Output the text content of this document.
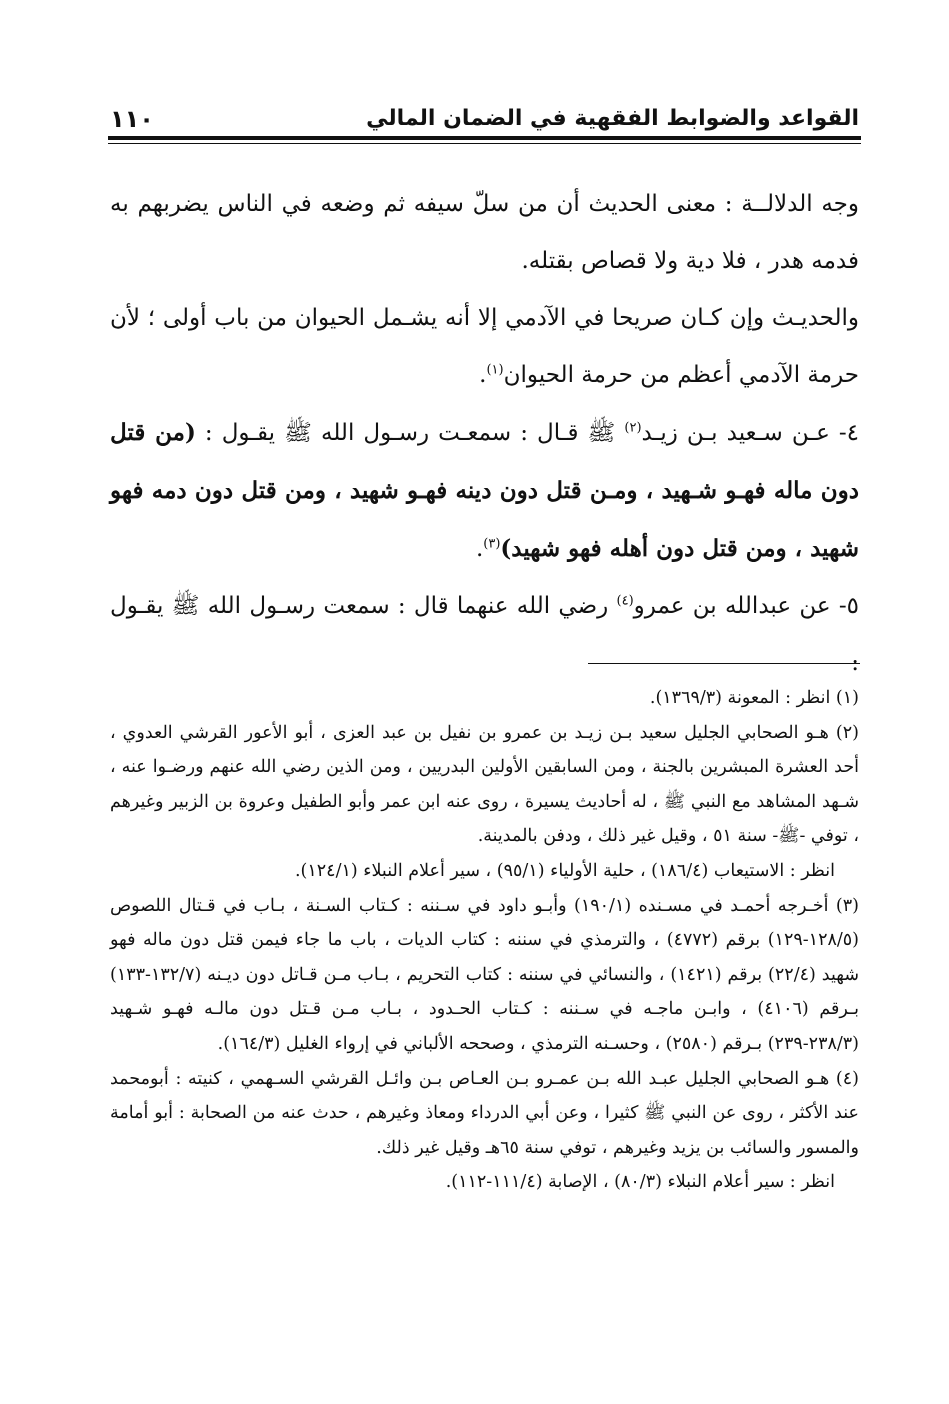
القواعد والضوابط الفقهية في الضمان المالي
١١٠

وجه الدلالــة : معنى الحديث أن من سلّ سيفه ثم وضعه في الناس يضربهم به فدمه هدر ، فلا دية ولا قصاص بقتله.

والحديـث وإن كـان صريحا في الآدمي إلا أنه يشـمل الحيوان من باب أولى ؛ لأن حرمة الآدمي أعظم من حرمة الحيوان$^{(١)}$.

٤- عـن سـعيد بـن زيـد$^{(٢)}$ ﷺ قـال : سمعـت رسـول الله ﷺ يقـول : (من قتل دون ماله فهـو شـهيد ، ومـن قتل دون دينه فهـو شهيد ، ومن قتل دون دمه فهو شهيد ، ومن قتل دون أهله فهو شهيد)$^{(٣)}$.

٥- عن عبدالله بن عمرو$^{(٤)}$ رضي الله عنهما قال : سمعت رسـول الله ﷺ يقـول

(١) انظر : المعونة (١٣٦٩/٣).

(٢) هـو الصحابي الجليل سعيد بـن زيـد بن عمرو بن نفيل بن عبد العزى ، أبو الأعور القرشي العدوي ، أحد العشرة المبشرين بالجنة ، ومن السابقين الأولين البدريين ، ومن الذين رضي الله عنهم ورضـوا عنه ، شـهد المشاهد مع النبي ﷺ ، له أحاديث يسيرة ، روى عنه ابن عمر وأبو الطفيل وعروة بن الزبير وغيرهم ، توفي -ﷺ- سنة ٥١ ، وقيل غير ذلك ، ودفن بالمدينة.

انظر : الاستيعاب (١٨٦/٤) ، حلية الأولياء (٩٥/١) ، سير أعلام النبلاء (١٢٤/١).

(٣) أخـرجه أحمـد في مسـنده (١٩٠/١) وأبـو داود في سـننه : كـتاب السـنة ، بـاب في قـتال اللصوص (١٢٨/٥-١٢٩) برقم (٤٧٧٢) ، والترمذي في سننه : كتاب الديات ، باب ما جاء فيمن قتل دون ماله فهو شهيد (٢٢/٤) برقم (١٤٢١) ، والنسائي في سننه : كتاب التحريم ، بـاب مـن قـاتل دون ديـنه (١٣٢/٧-١٣٣) بـرقم (٤١٠٦) ، وابـن ماجـه في سـننه : كـتاب الحـدود ، بـاب مـن قـتل دون مالـه فهـو شـهيد (٢٣٨/٣-٢٣٩) بـرقم (٢٥٨٠) ، وحسـنه الترمذي ، وصححه الألباني في إرواء الغليل (١٦٤/٣).

(٤) هـو الصحابي الجليل عبـد الله بـن عمـرو بـن العـاص بـن وائـل القرشي السـهمي ، كنيته : أبومحمد عند الأكثر ، روى عن النبي ﷺ كثيرا ، وعن أبي الدرداء ومعاذ وغيرهم ، حدث عنه من الصحابة : أبو أمامة والمسور والسائب بن يزيد وغيرهم ، توفي سنة ٦٥هـ وقيل غير ذلك.

انظر : سير أعلام النبلاء (٨٠/٣) ، الإصابة (١١١/٤-١١٢).
